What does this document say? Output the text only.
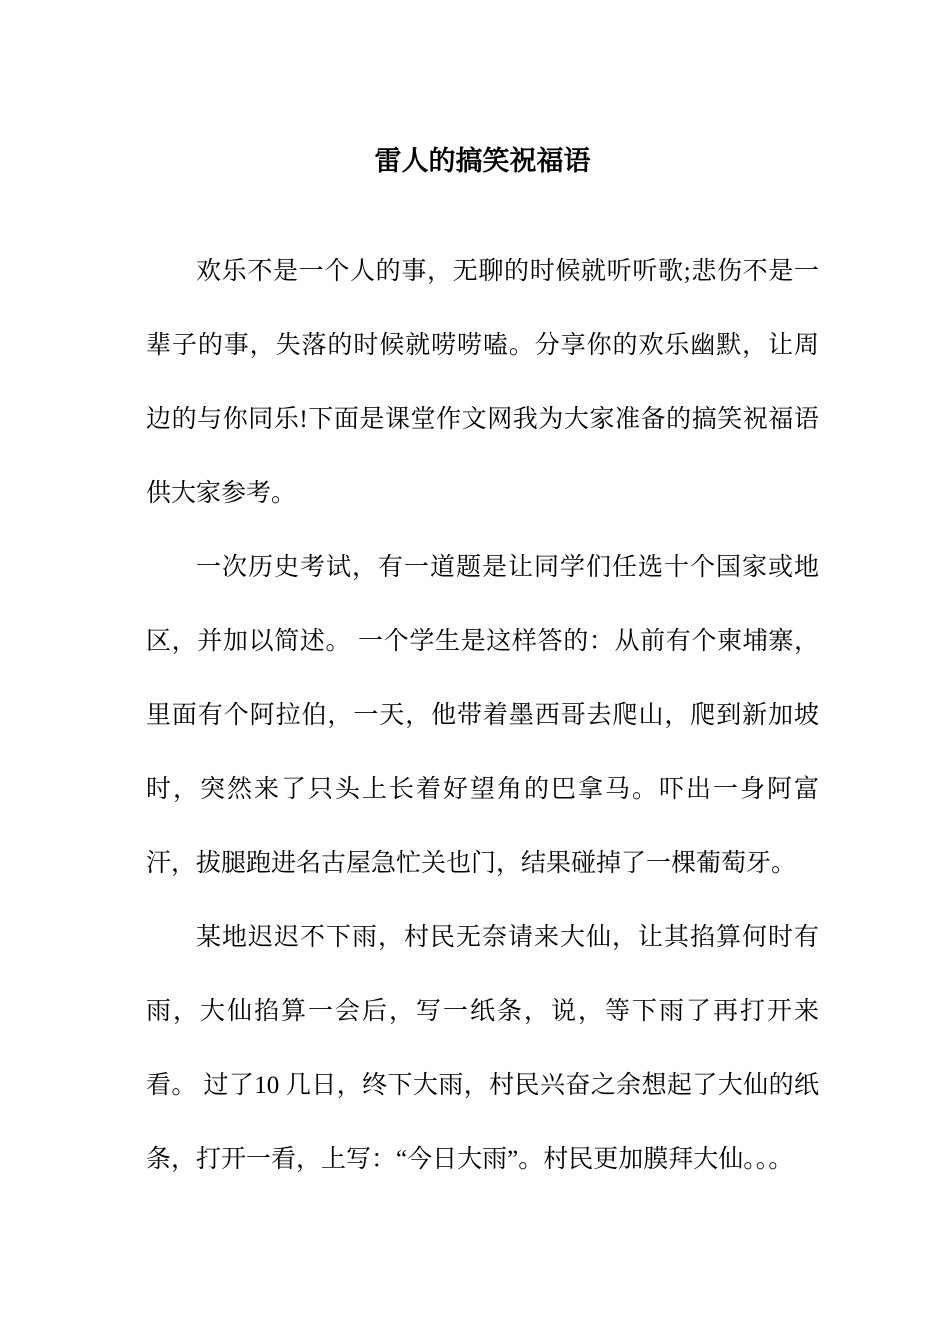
雷人的搞笑祝福语

欢乐不是一个人的事，无聊的时候就听听歌;悲伤不是一辈子的事，失落的时候就唠唠嗑。分享你的欢乐幽默，让周边的与你同乐!下面是课堂作文网我为大家准备的搞笑祝福语供大家参考。

一次历史考试，有一道题是让同学们任选十个国家或地区，并加以简述。 一个学生是这样答的：从前有个柬埔寨，里面有个阿拉伯，一天，他带着墨西哥去爬山，爬到新加坡时，突然来了只头上长着好望角的巴拿马。吓出一身阿富汗，拔腿跑进名古屋急忙关也门，结果碰掉了一棵葡萄牙。

某地迟迟不下雨，村民无奈请来大仙，让其掐算何时有雨，大仙掐算一会后，写一纸条，说，等下雨了再打开来看。 过了10 几日，终下大雨，村民兴奋之余想起了大仙的纸条，打开一看，上写：“今日大雨”。村民更加膜拜大仙。。。
